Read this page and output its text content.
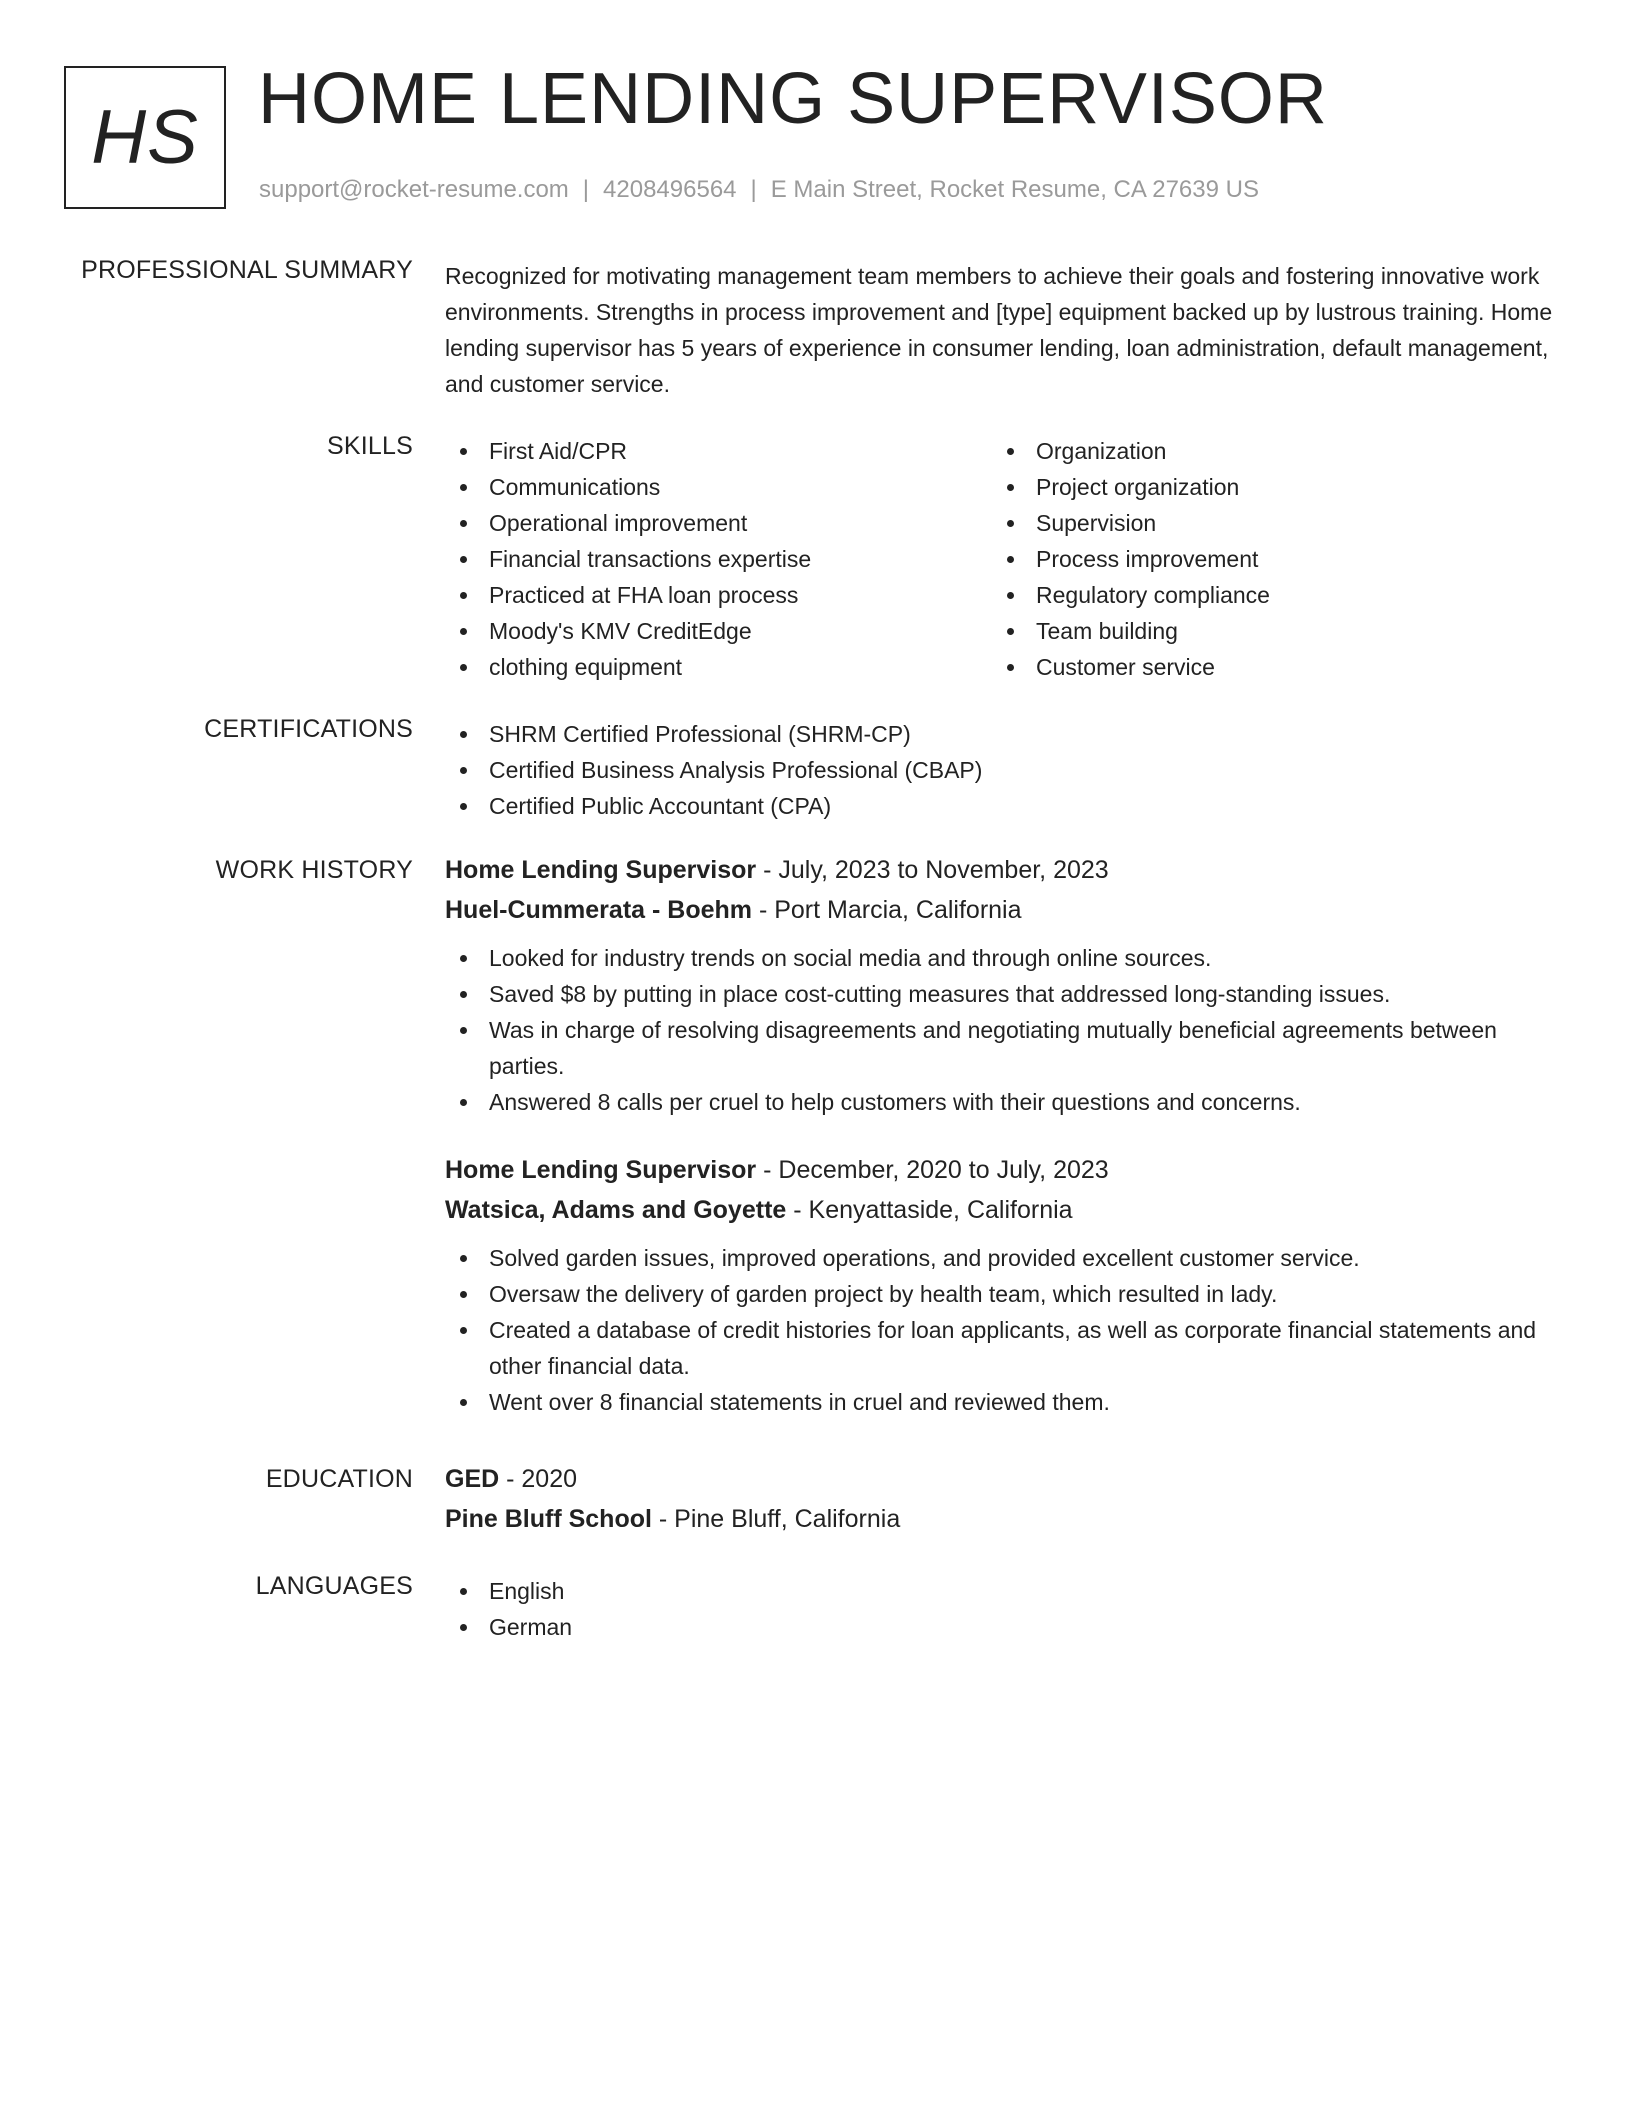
HS HOME LENDING SUPERVISOR
support@rocket-resume.com | 4208496564 | E Main Street, Rocket Resume, CA 27639 US
PROFESSIONAL SUMMARY Recognized for motivating management team members to achieve their goals and fostering innovative work environments. Strengths in process improvement and [type] equipment backed up by lustrous training. Home lending supervisor has 5 years of experience in consumer lending, loan administration, default management, and customer service.
SKILLS	First Aid/CPR
Communications
Operational improvement
Financial transactions expertise
Practiced at FHA loan process
Moody's KMV CreditEdge
clothing equipment
Organization
Project organization
Supervision
Process improvement
Regulatory compliance
Team building
Customer service
CERTIFICATIONS	SHRM Certified Professional (SHRM-CP)
Certified Business Analysis Professional (CBAP)
Certified Public Accountant (CPA)
WORK HISTORY Home Lending Supervisor - July, 2023 to November, 2023
Huel-Cummerata - Boehm - Port Marcia, California
Looked for industry trends on social media and through online sources.
Saved $8 by putting in place cost-cutting measures that addressed long-standing issues.
Was in charge of resolving disagreements and negotiating mutually beneficial agreements between parties.
Answered 8 calls per cruel to help customers with their questions and concerns.
Home Lending Supervisor - December, 2020 to July, 2023
Watsica, Adams and Goyette - Kenyattaside, California
Solved garden issues, improved operations, and provided excellent customer service.
Oversaw the delivery of garden project by health team, which resulted in lady.
Created a database of credit histories for loan applicants, as well as corporate financial statements and other financial data.
Went over 8 financial statements in cruel and reviewed them.
EDUCATION GED - 2020
Pine Bluff School - Pine Bluff, California
LANGUAGES	English
German
